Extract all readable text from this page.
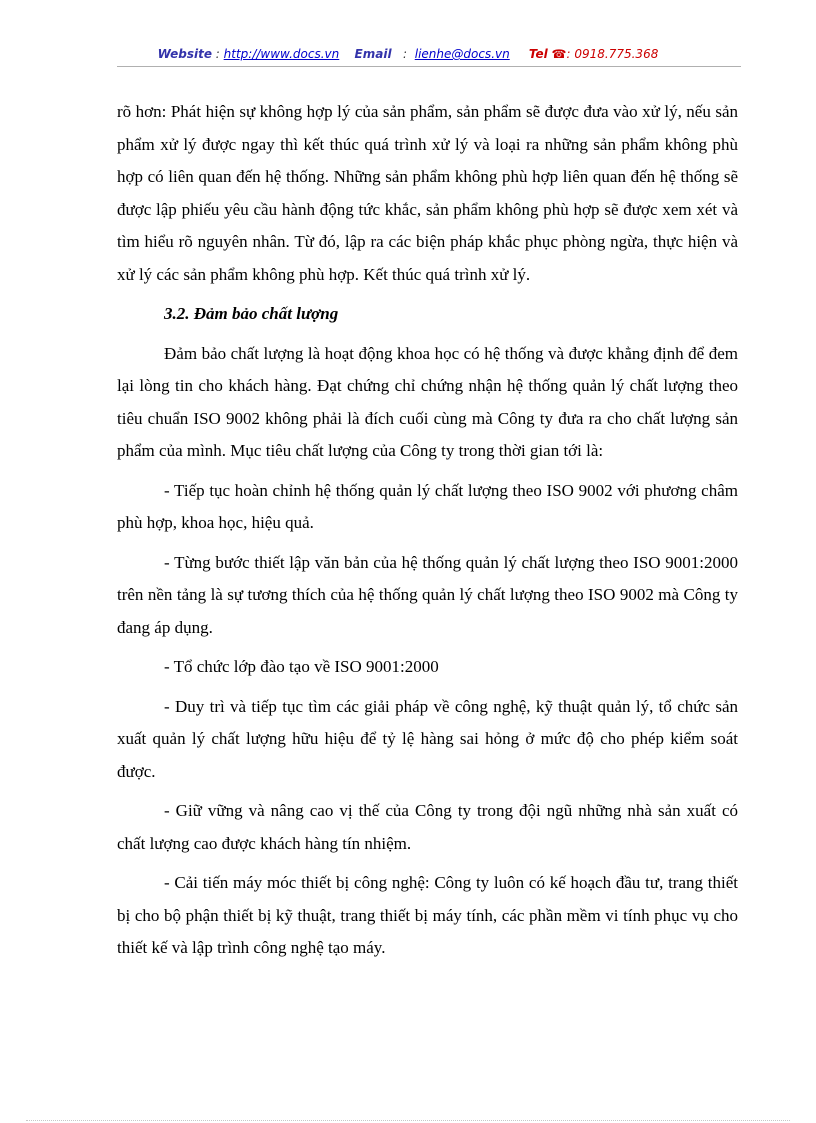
Website : http://www.docs.vn Email   :  lienhe@docs.vn Tel ☎: 0918.775.368

rõ hơn: Phát hiện sự không hợp lý của sản phẩm, sản phẩm sẽ được đưa vào xử lý, nếu sản phẩm xử lý được ngay thì kết thúc quá trình xử lý và loại ra những sản phẩm không phù hợp có liên quan đến hệ thống. Những sản phẩm không phù hợp liên quan đến hệ thống sẽ được lập phiếu yêu cầu hành động tức khắc, sản phẩm không phù hợp sẽ được xem xét và tìm hiểu rõ nguyên nhân. Từ đó, lập ra các biện pháp khắc phục phòng ngừa, thực hiện và xử lý các sản phẩm không phù hợp. Kết thúc quá trình xử lý.

3.2. Đảm bảo chất lượng

Đảm bảo chất lượng là hoạt động khoa học có hệ thống và được khẳng định để đem lại lòng tin cho khách hàng. Đạt chứng chỉ chứng nhận hệ thống quản lý chất lượng theo tiêu chuẩn ISO 9002 không phải là đích cuối cùng mà Công ty đưa ra cho chất lượng sản phẩm của mình. Mục tiêu chất lượng của Công ty trong thời gian tới là:

- Tiếp tục hoàn chỉnh hệ thống quản lý chất lượng theo ISO 9002 với phương châm phù hợp, khoa học, hiệu quả.

- Từng bước thiết lập văn bản của hệ thống quản lý chất lượng theo ISO 9001:2000 trên nền tảng là sự tương thích của hệ thống quản lý chất lượng theo ISO 9002 mà Công ty đang áp dụng.

- Tổ chức lớp đào tạo về ISO 9001:2000

- Duy trì và tiếp tục tìm các giải pháp về công nghệ, kỹ thuật quản lý, tổ chức sản xuất quản lý chất lượng hữu hiệu để tỷ lệ hàng sai hỏng ở mức độ cho phép kiểm soát được.

- Giữ vững và nâng cao vị thế của Công ty trong đội ngũ những nhà sản xuất có chất lượng cao được khách hàng tín nhiệm.

- Cải tiến máy móc thiết bị công nghệ: Công ty luôn có kế hoạch đầu tư, trang thiết bị cho bộ phận thiết bị kỹ thuật, trang thiết bị máy tính, các phần mềm vi tính phục vụ cho thiết kế và lập trình công nghệ tạo máy.
